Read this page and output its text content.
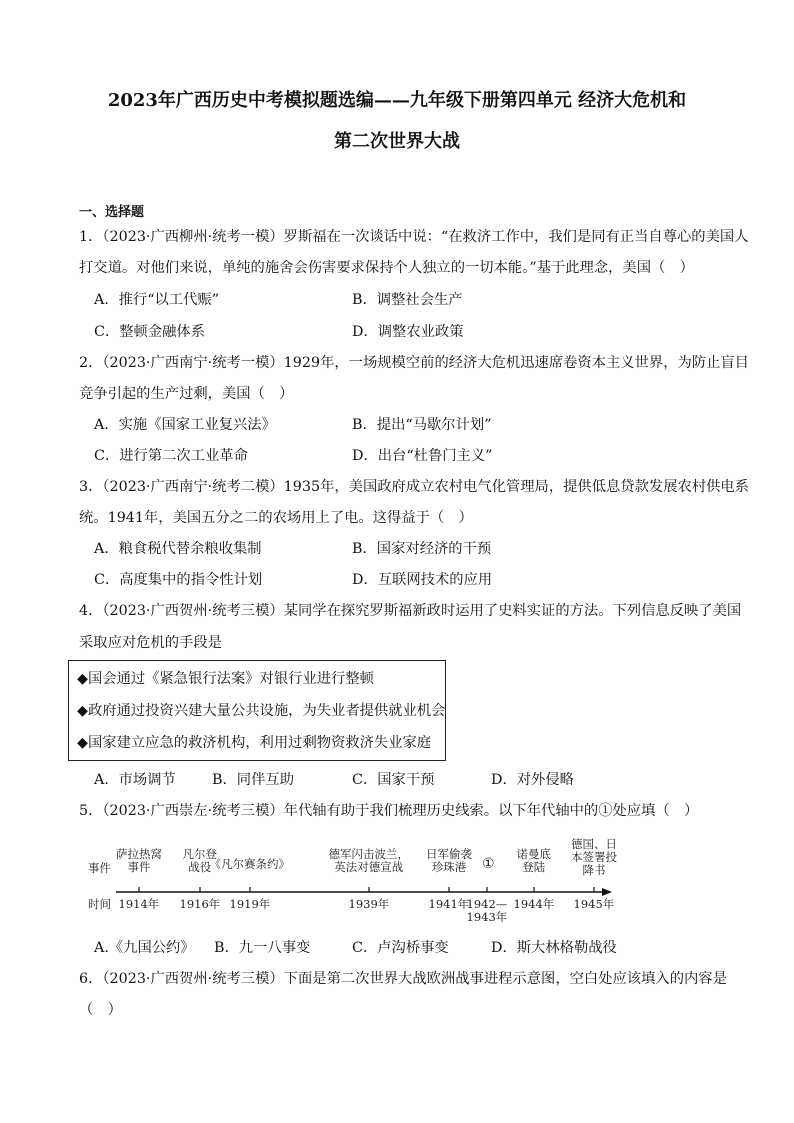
2023年广西历史中考模拟题选编——九年级下册第四单元 经济大危机和
第二次世界大战
一、选择题
1．（2023·广西柳州·统考一模）罗斯福在一次谈话中说：“在救济工作中，我们是同有正当自尊心的美国人
打交道。对他们来说，单纯的施舍会伤害要求保持个人独立的一切本能。”基于此理念，美国（　）
A．推行“以工代赈”	B．调整社会生产
C．整顿金融体系	D．调整农业政策
2．（2023·广西南宁·统考一模）1929年，一场规模空前的经济大危机迅速席卷资本主义世界，为防止盲目
竞争引起的生产过剩，美国（　）
A．实施《国家工业复兴法》	B．提出“马歇尔计划”
C．进行第二次工业革命	D．出台“杜鲁门主义”
3．（2023·广西南宁·统考二模）1935年，美国政府成立农村电气化管理局，提供低息贷款发展农村供电系
统。1941年，美国五分之二的农场用上了电。这得益于（　）
A．粮食税代替余粮收集制	B．国家对经济的干预
C．高度集中的指令性计划	D．互联网技术的应用
4．（2023·广西贺州·统考三模）某同学在探究罗斯福新政时运用了史料实证的方法。下列信息反映了美国
采取应对危机的手段是
◆国会通过《紧急银行法案》对银行业进行整顿
◆政府通过投资兴建大量公共设施，为失业者提供就业机会
◆国家建立应急的救济机构，利用过剩物资救济失业家庭
A．市场调节	B．同伴互助	C．国家干预	D．对外侵略
5．（2023·广西崇左·统考三模）年代轴有助于我们梳理历史线索。以下年代轴中的①处应填（　）
事件
时间
萨拉热窝
事件
1914年
凡尔登
战役
1916年
《凡尔赛条约》
1919年
德军闪击波兰，
英法对德宣战
1939年
日军偷袭
珍珠港
1941年
①
1942—
1943年
诺曼底
登陆
1944年
德国、日
本签署投
降书
1945年
A.《九国公约》 B．九一八事变	C．卢沟桥事变	D．斯大林格勒战役
6．（2023·广西贺州·统考三模）下面是第二次世界大战欧洲战事进程示意图，空白处应该填入的内容是
（　）
